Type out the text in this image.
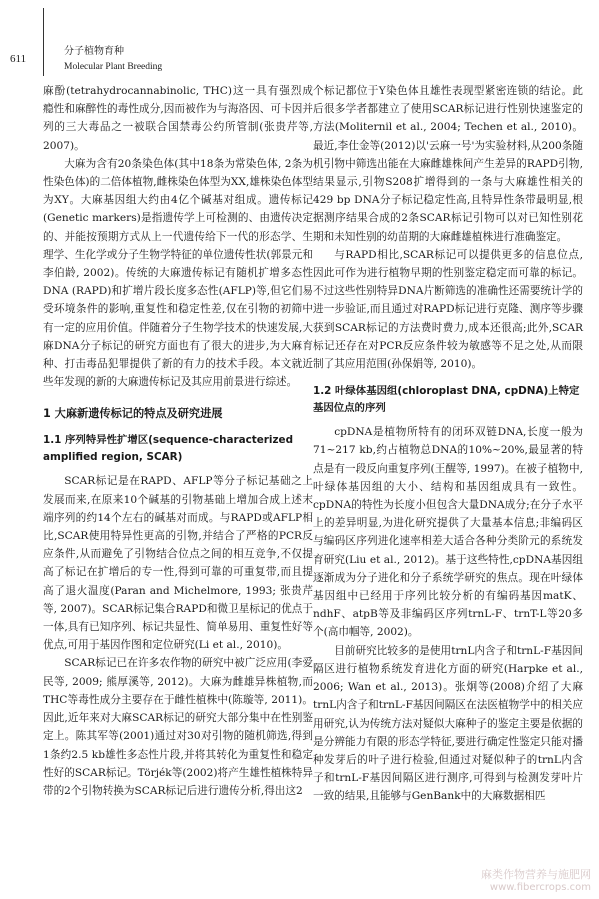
611
分子植物育种
Molecular Plant Breeding

麻酚(tetrahydrocannabinolic, THC)这一具有强烈成瘾性和麻醉性的毒性成分,因而被作为与海洛因、可卡因并列的三大毒品之一被联合国禁毒公约所管制(张贵芹等, 2007)。

大麻为含有20条染色体(其中18条为常染色体, 2条为性染色体)的二倍体植物,雌株染色体型为XX,雄株染色体型为XY。大麻基因组大约由4亿个碱基对组成。遗传标记(Genetic markers)是指遗传学上可检测的、由遗传决定的、并能按预期方式从上一代遗传给下一代的形态学、生理学、生化学或分子生物学特征的单位遗传性状(郭景元和李伯龄, 2002)。传统的大麻遗传标记有随机扩增多态性DNA (RAPD)和扩增片段长度多态性(AFLP)等,但它们易受环境条件的影响,重复性和稳定性差,仅在引物的初筛中有一定的应用价值。伴随着分子生物学技术的快速发展,大麻DNA分子标记的研究方面也有了很大的进步,为大麻育种、打击毒品犯罪提供了新的有力的技术手段。本文就近些年发现的新的大麻遗传标记及其应用前景进行综述。

1 大麻新遗传标记的特点及研究进展
1.1 序列特异性扩增区(sequence-characterized amplified region, SCAR)

SCAR标记是在RAPD、AFLP等分子标记基础之上发展而来,在原来10个碱基的引物基础上增加合成上述末端序列的约14个左右的碱基对而成。与RAPD或AFLP相比,SCAR使用特异性更高的引物,并结合了严格的PCR反应条件,从而避免了引物结合位点之间的相互竞争,不仅提高了标记在扩增后的专一性,得到可靠的可重复带,而且提高了退火温度(Paran and Michelmore, 1993; 张贵芹等, 2007)。SCAR标记集合RAPD和微卫星标记的优点于一体,具有已知序列、标记共显性、简单易用、重复性好等优点,可用于基因作图和定位研究(Li et al., 2010)。

SCAR标记已在许多农作物的研究中被广泛应用(李爱民等, 2009; 熊厚溪等, 2012)。大麻为雌雄异株植物,而THC等毒性成分主要存在于雌性植株中(陈璇等, 2011)。因此,近年来对大麻SCAR标记的研究大部分集中在性别鉴定上。陈其军等(2001)通过对30对引物的随机筛选,得到1条约2.5 kb雄性多态性片段,并将其转化为重复性和稳定性好的SCAR标记。Törjék等(2002)将产生雄性植株特异带的2个引物转换为SCAR标记后进行遗传分析,得出这2

个标记都位于Y染色体且雄性表现型紧密连锁的结论。此后很多学者都建立了使用SCAR标记进行性别快速鉴定的方法(Moliternil et al., 2004; Techen et al., 2010)。最近,李仕金等(2012)以'云麻一号'为实验材料,从200条随机引物中筛选出能在大麻雌雄株间产生差异的RAPD引物,结果显示,引物S208扩增得到的一条与大麻雄性相关的429 bp DNA分子标记稳定性高,且特异性条带最明显,根据测序结果合成的2条SCAR标记引物可以对已知性别花期和未知性别的幼苗期的大麻雌雄植株进行准确鉴定。

与RAPD相比,SCAR标记可以提供更多的信息位点,因此可作为进行植物早期的性别鉴定稳定而可靠的标记。不过这些性别特异DNA片断筛选的准确性还需要统计学的进一步验证,而且通过对RAPD标记进行克隆、测序等步骤获到SCAR标记的方法费时费力,成本还很高;此外,SCAR标记还存在对PCR反应条件较为敏感等不足之处,从而限制了其应用范围(孙保娟等, 2010)。

1.2 叶绿体基因组(chloroplast DNA, cpDNA)上特定基因位点的序列

cpDNA是植物所特有的闭环双链DNA,长度一般为71~217 kb,约占植物总DNA的10%~20%,最显著的特点是有一段反向重复序列(王醒等, 1997)。在被子植物中,叶绿体基因组的大小、结构和基因组成具有一致性。cpDNA的特性为长度小但包含大量DNA成分;在分子水平上的差异明显,为进化研究提供了大量基本信息;非编码区与编码区序列进化速率相差大适合各种分类阶元的系统发育研究(Liu et al., 2012)。基于这些特性,cpDNA基因组逐渐成为分子进化和分子系统学研究的焦点。现在叶绿体基因组中已经用于序列比较分析的有编码基因matK、ndhF、atpB等及非编码区序列trnL-F、trnT-L等20多个(高巾帼等, 2002)。

目前研究比较多的是使用trnL内含子和trnL-F基因间隔区进行植物系统发育进化方面的研究(Harpke et al., 2006; Wan et al., 2013)。张炯等(2008)介绍了大麻trnL内含子和trnL-F基因间隔区在法医植物学中的相关应用研究,认为传统方法对疑似大麻种子的鉴定主要是依据的是分辨能力有限的形态学特征,要进行确定性鉴定只能对播种发芽后的叶子进行检验,但通过对疑似种子的trnL内含子和trnL-F基因间隔区进行测序,可得到与检测发芽叶片一致的结果,且能够与GenBank中的大麻数据相匹

麻类作物营养与施肥网
www.fibercrops.com
